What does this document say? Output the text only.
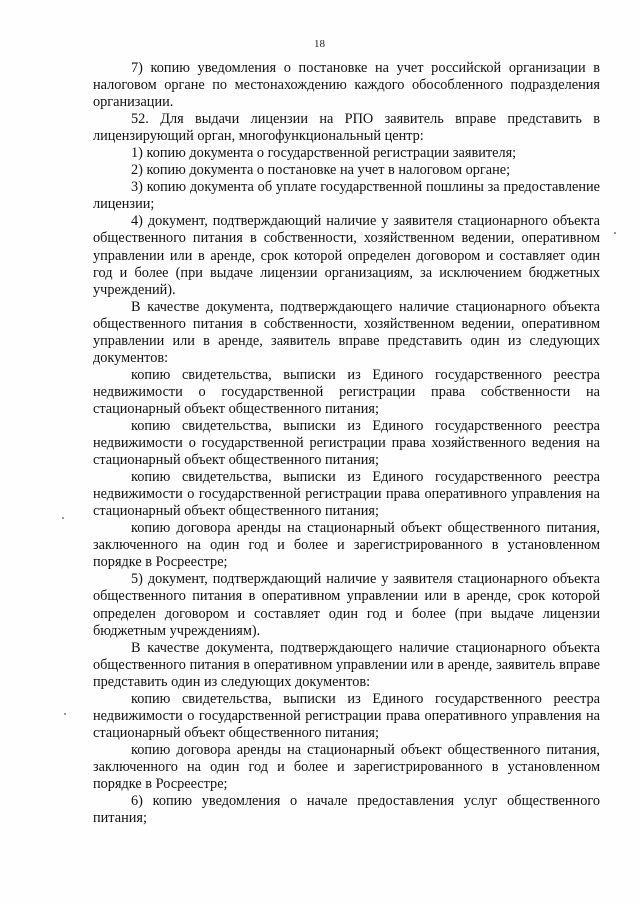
18

7) копию уведомления о постановке на учет российской организации в налоговом органе по местонахождению каждого обособленного подразделения организации.

52. Для выдачи лицензии на РПО заявитель вправе представить в лицензирующий орган, многофункциональный центр:

1) копию документа о государственной регистрации заявителя;

2) копию документа о постановке на учет в налоговом органе;

3) копию документа об уплате государственной пошлины за предоставление лицензии;

4) документ, подтверждающий наличие у заявителя стационарного объекта общественного питания в собственности, хозяйственном ведении, оперативном управлении или в аренде, срок которой определен договором и составляет один год и более (при выдаче лицензии организациям, за исключением бюджетных учреждений).

В качестве документа, подтверждающего наличие стационарного объекта общественного питания в собственности, хозяйственном ведении, оперативном управлении или в аренде, заявитель вправе представить один из следующих документов:

копию свидетельства, выписки из Единого государственного реестра недвижимости о государственной регистрации права собственности на стационарный объект общественного питания;

копию свидетельства, выписки из Единого государственного реестра недвижимости о государственной регистрации права хозяйственного ведения на стационарный объект общественного питания;

копию свидетельства, выписки из Единого государственного реестра недвижимости о государственной регистрации права оперативного управления на стационарный объект общественного питания;

копию договора аренды на стационарный объект общественного питания, заключенного на один год и более и зарегистрированного в установленном порядке в Росреестре;

5) документ, подтверждающий наличие у заявителя стационарного объекта общественного питания в оперативном управлении или в аренде, срок которой определен договором и составляет один год и более (при выдаче лицензии бюджетным учреждениям).

В качестве документа, подтверждающего наличие стационарного объекта общественного питания в оперативном управлении или в аренде, заявитель вправе представить один из следующих документов:

копию свидетельства, выписки из Единого государственного реестра недвижимости о государственной регистрации права оперативного управления на стационарный объект общественного питания;

копию договора аренды на стационарный объект общественного питания, заключенного на один год и более и зарегистрированного в установленном порядке в Росреестре;

6) копию уведомления о начале предоставления услуг общественного питания;
